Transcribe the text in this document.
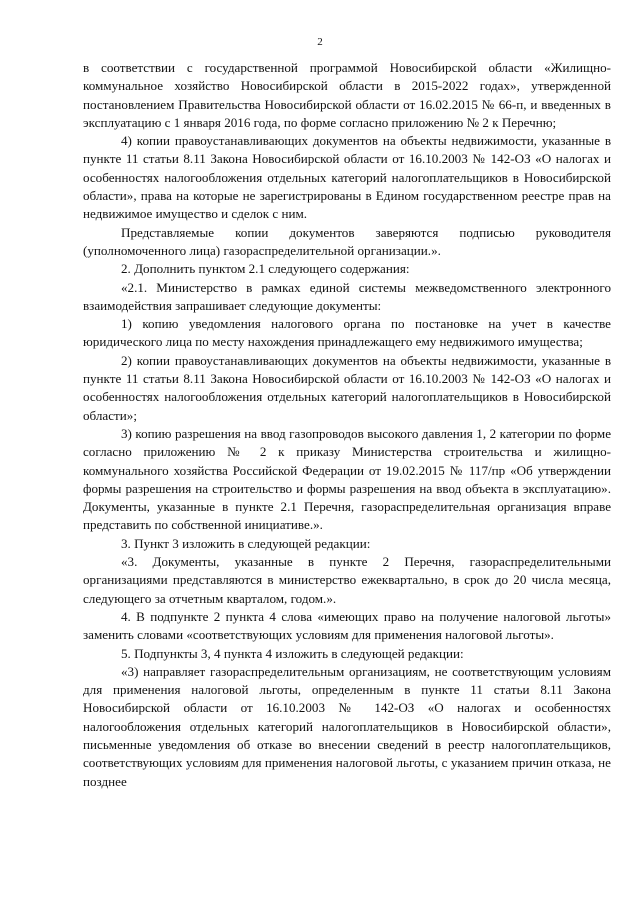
2

в соответствии с государственной программой Новосибирской области «Жилищно-коммунальное хозяйство Новосибирской области в 2015-2022 годах», утвержденной постановлением Правительства Новосибирской области от 16.02.2015 № 66-п, и введенных в эксплуатацию с 1 января 2016 года, по форме согласно приложению № 2 к Перечню;

4) копии правоустанавливающих документов на объекты недвижимости, указанные в пункте 11 статьи 8.11 Закона Новосибирской области от 16.10.2003 № 142-ОЗ «О налогах и особенностях налогообложения отдельных категорий налогоплательщиков в Новосибирской области», права на которые не зарегистрированы в Едином государственном реестре прав на недвижимое имущество и сделок с ним.

Представляемые копии документов заверяются подписью руководителя (уполномоченного лица) газораспределительной организации.».

2. Дополнить пунктом 2.1 следующего содержания:

«2.1. Министерство в рамках единой системы межведомственного электронного взаимодействия запрашивает следующие документы:

1) копию уведомления налогового органа по постановке на учет в качестве юридического лица по месту нахождения принадлежащего ему недвижимого имущества;

2) копии правоустанавливающих документов на объекты недвижимости, указанные в пункте 11 статьи 8.11 Закона Новосибирской области от 16.10.2003 № 142-ОЗ «О налогах и особенностях налогообложения отдельных категорий налогоплательщиков в Новосибирской области»;

3) копию разрешения на ввод газопроводов высокого давления 1, 2 категории по форме согласно приложению № 2 к приказу Министерства строительства и жилищно-коммунального хозяйства Российской Федерации от 19.02.2015 № 117/пр «Об утверждении формы разрешения на строительство и формы разрешения на ввод объекта в эксплуатацию». Документы, указанные в пункте 2.1 Перечня, газораспределительная организация вправе представить по собственной инициативе.».

3. Пункт 3 изложить в следующей редакции:

«3. Документы, указанные в пункте 2 Перечня, газораспределительными организациями представляются в министерство ежеквартально, в срок до 20 числа месяца, следующего за отчетным кварталом, годом.».

4. В подпункте 2 пункта 4 слова «имеющих право на получение налоговой льготы» заменить словами «соответствующих условиям для применения налоговой льготы».

5. Подпункты 3, 4 пункта 4 изложить в следующей редакции:

«3) направляет газораспределительным организациям, не соответствующим условиям для применения налоговой льготы, определенным в пункте 11 статьи 8.11 Закона Новосибирской области от 16.10.2003 № 142-ОЗ «О налогах и особенностях налогообложения отдельных категорий налогоплательщиков в Новосибирской области», письменные уведомления об отказе во внесении сведений в реестр налогоплательщиков, соответствующих условиям для применения налоговой льготы, с указанием причин отказа, не позднее
